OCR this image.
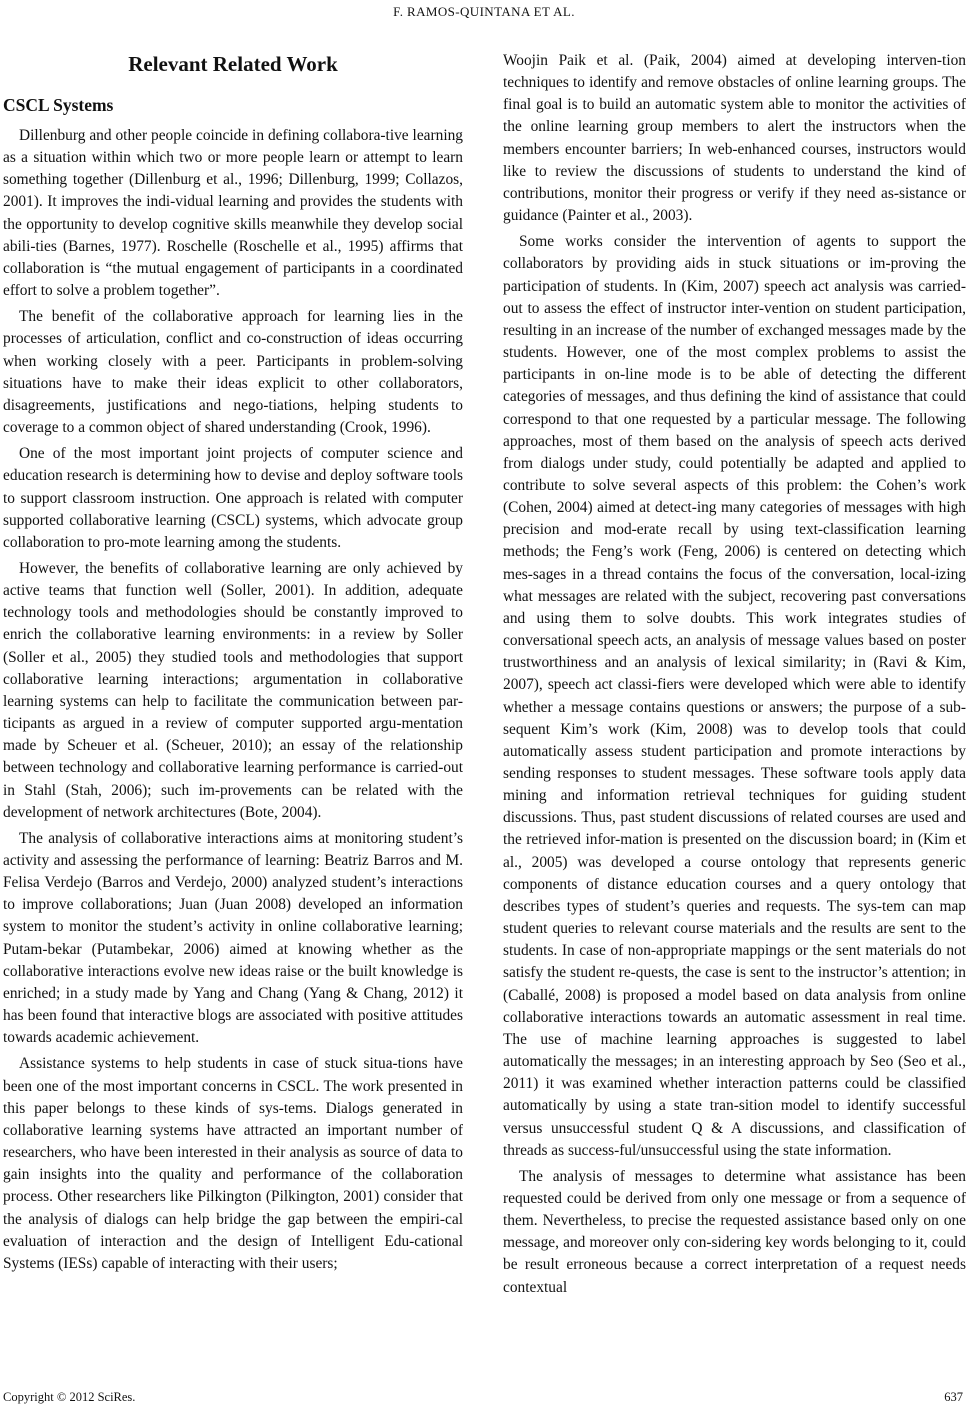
F. RAMOS-QUINTANA ET AL.
Relevant Related Work
CSCL Systems

Dillenburg and other people coincide in defining collabora-tive learning as a situation within which two or more people learn or attempt to learn something together (Dillenburg et al., 1996; Dillenburg, 1999; Collazos, 2001). It improves the indi-vidual learning and provides the students with the opportunity to develop cognitive skills meanwhile they develop social abili-ties (Barnes, 1977). Roschelle (Roschelle et al., 1995) affirms that collaboration is “the mutual engagement of participants in a coordinated effort to solve a problem together”.

The benefit of the collaborative approach for learning lies in the processes of articulation, conflict and co-construction of ideas occurring when working closely with a peer. Participants in problem-solving situations have to make their ideas explicit to other collaborators, disagreements, justifications and nego-tiations, helping students to coverage to a common object of shared understanding (Crook, 1996).

One of the most important joint projects of computer science and education research is determining how to devise and deploy software tools to support classroom instruction. One approach is related with computer supported collaborative learning (CSCL) systems, which advocate group collaboration to pro-mote learning among the students.

However, the benefits of collaborative learning are only achieved by active teams that function well (Soller, 2001). In addition, adequate technology tools and methodologies should be constantly improved to enrich the collaborative learning environments: in a review by Soller (Soller et al., 2005) they studied tools and methodologies that support collaborative learning interactions; argumentation in collaborative learning systems can help to facilitate the communication between par-ticipants as argued in a review of computer supported argu-mentation made by Scheuer et al. (Scheuer, 2010); an essay of the relationship between technology and collaborative learning performance is carried-out in Stahl (Stah, 2006); such im-provements can be related with the development of network architectures (Bote, 2004).

The analysis of collaborative interactions aims at monitoring student’s activity and assessing the performance of learning: Beatriz Barros and M. Felisa Verdejo (Barros and Verdejo, 2000) analyzed student’s interactions to improve collaborations; Juan (Juan 2008) developed an information system to monitor the student’s activity in online collaborative learning; Putam-bekar (Putambekar, 2006) aimed at knowing whether as the collaborative interactions evolve new ideas raise or the built knowledge is enriched; in a study made by Yang and Chang (Yang & Chang, 2012) it has been found that interactive blogs are associated with positive attitudes towards academic achievement.

Assistance systems to help students in case of stuck situa-tions have been one of the most important concerns in CSCL. The work presented in this paper belongs to these kinds of sys-tems. Dialogs generated in collaborative learning systems have attracted an important number of researchers, who have been interested in their analysis as source of data to gain insights into the quality and performance of the collaboration process. Other researchers like Pilkington (Pilkington, 2001) consider that the analysis of dialogs can help bridge the gap between the empiri-cal evaluation of interaction and the design of Intelligent Edu-cational Systems (IESs) capable of interacting with their users;

Woojin Paik et al. (Paik, 2004) aimed at developing interven-tion techniques to identify and remove obstacles of online learning groups. The final goal is to build an automatic system able to monitor the activities of the online learning group members to alert the instructors when the members encounter barriers; In web-enhanced courses, instructors would like to review the discussions of students to understand the kind of contributions, monitor their progress or verify if they need as-sistance or guidance (Painter et al., 2003).

Some works consider the intervention of agents to support the collaborators by providing aids in stuck situations or im-proving the participation of students. In (Kim, 2007) speech act analysis was carried-out to assess the effect of instructor inter-vention on student participation, resulting in an increase of the number of exchanged messages made by the students. However, one of the most complex problems to assist the participants in on-line mode is to be able of detecting the different categories of messages, and thus defining the kind of assistance that could correspond to that one requested by a particular message. The following approaches, most of them based on the analysis of speech acts derived from dialogs under study, could potentially be adapted and applied to contribute to solve several aspects of this problem: the Cohen’s work (Cohen, 2004) aimed at detect-ing many categories of messages with high precision and mod-erate recall by using text-classification learning methods; the Feng’s work (Feng, 2006) is centered on detecting which mes-sages in a thread contains the focus of the conversation, local-izing what messages are related with the subject, recovering past conversations and using them to solve doubts. This work integrates studies of conversational speech acts, an analysis of message values based on poster trustworthiness and an analysis of lexical similarity; in (Ravi & Kim, 2007), speech act classi-fiers were developed which were able to identify whether a message contains questions or answers; the purpose of a sub-sequent Kim’s work (Kim, 2008) was to develop tools that could automatically assess student participation and promote interactions by sending responses to student messages. These software tools apply data mining and information retrieval techniques for guiding student discussions. Thus, past student discussions of related courses are used and the retrieved infor-mation is presented on the discussion board; in (Kim et al., 2005) was developed a course ontology that represents generic components of distance education courses and a query ontology that describes types of student’s queries and requests. The sys-tem can map student queries to relevant course materials and the results are sent to the students. In case of non-appropriate mappings or the sent materials do not satisfy the student re-quests, the case is sent to the instructor’s attention; in (Caballé, 2008) is proposed a model based on data analysis from online collaborative interactions towards an automatic assessment in real time. The use of machine learning approaches is suggested to label automatically the messages; in an interesting approach by Seo (Seo et al., 2011) it was examined whether interaction patterns could be classified automatically by using a state tran-sition model to identify successful versus unsuccessful student Q & A discussions, and classification of threads as success-ful/unsuccessful using the state information.

The analysis of messages to determine what assistance has been requested could be derived from only one message or from a sequence of them. Nevertheless, to precise the requested assistance based only on one message, and moreover only con-sidering key words belonging to it, could be result erroneous because a correct interpretation of a request needs contextual

Copyright © 2012 SciRes.	637
